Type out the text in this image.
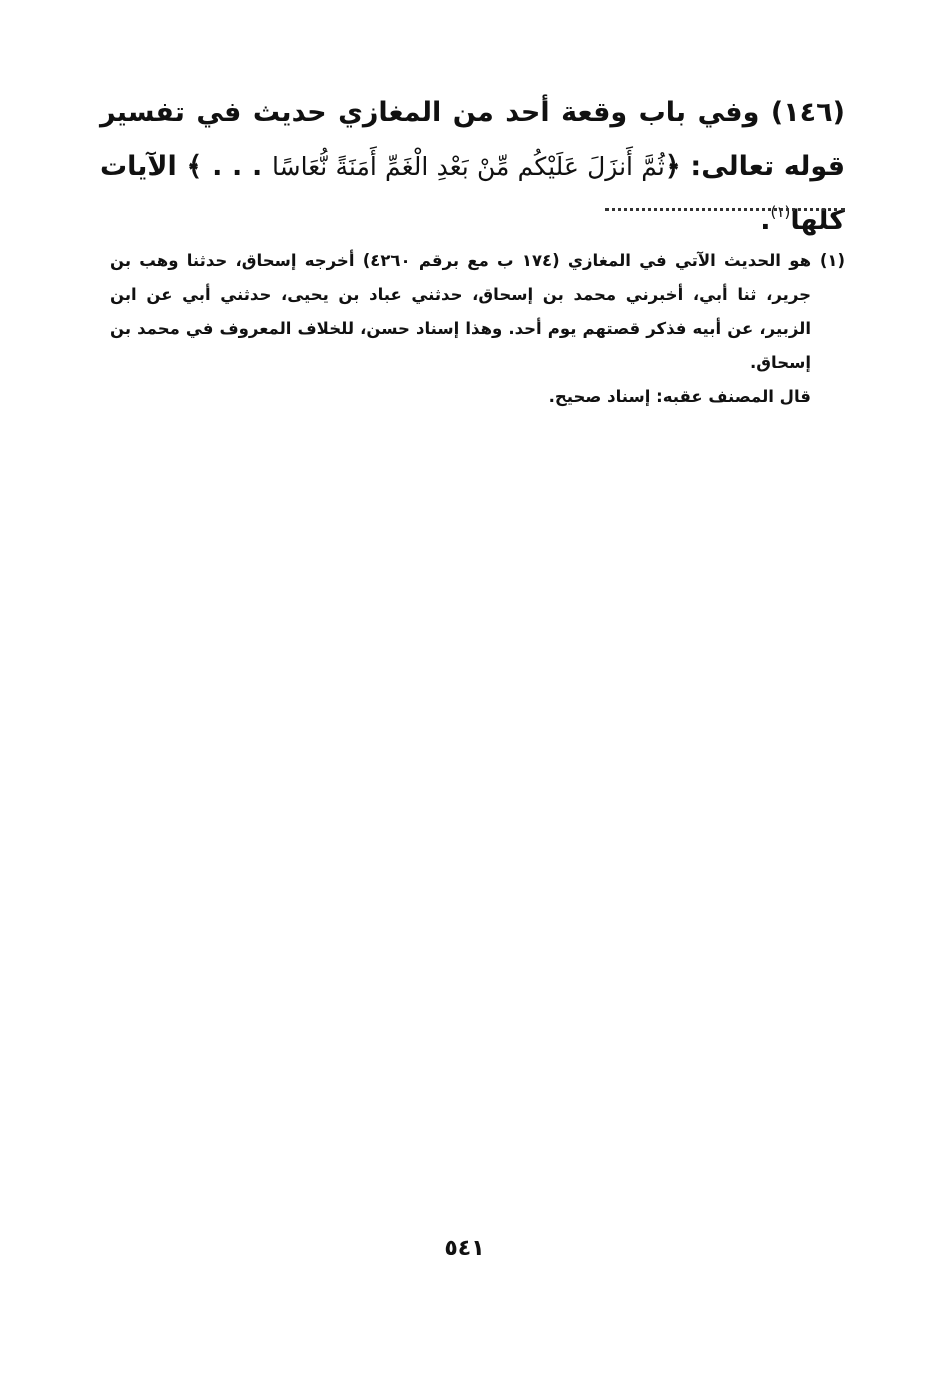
(١٤٦) وفي باب وقعة أحد من المغازي حديث في تفسير قوله تعالى: ﴿ثُمَّ أَنزَلَ عَلَيْكُم مِّنْ بَعْدِ الْغَمِّ أَمَنَةً نُّعَاسًا . . . ﴾ الآيات كلها$^{(١)}$.
(١)
هو الحديث الآتي في المغازي (١٧٤ ب مع برقم ٤٢٦٠) أخرجه إسحاق، حدثنا وهب بن جرير، ثنا أبي، أخبرني محمد بن إسحاق، حدثني عباد بن يحيى، حدثني أبي عن ابن الزبير، عن أبيه فذكر قصتهم يوم أحد. وهذا إسناد حسن، للخلاف المعروف في محمد بن إسحاق.
قال المصنف عقبه: إسناد صحيح.
٥٤١
